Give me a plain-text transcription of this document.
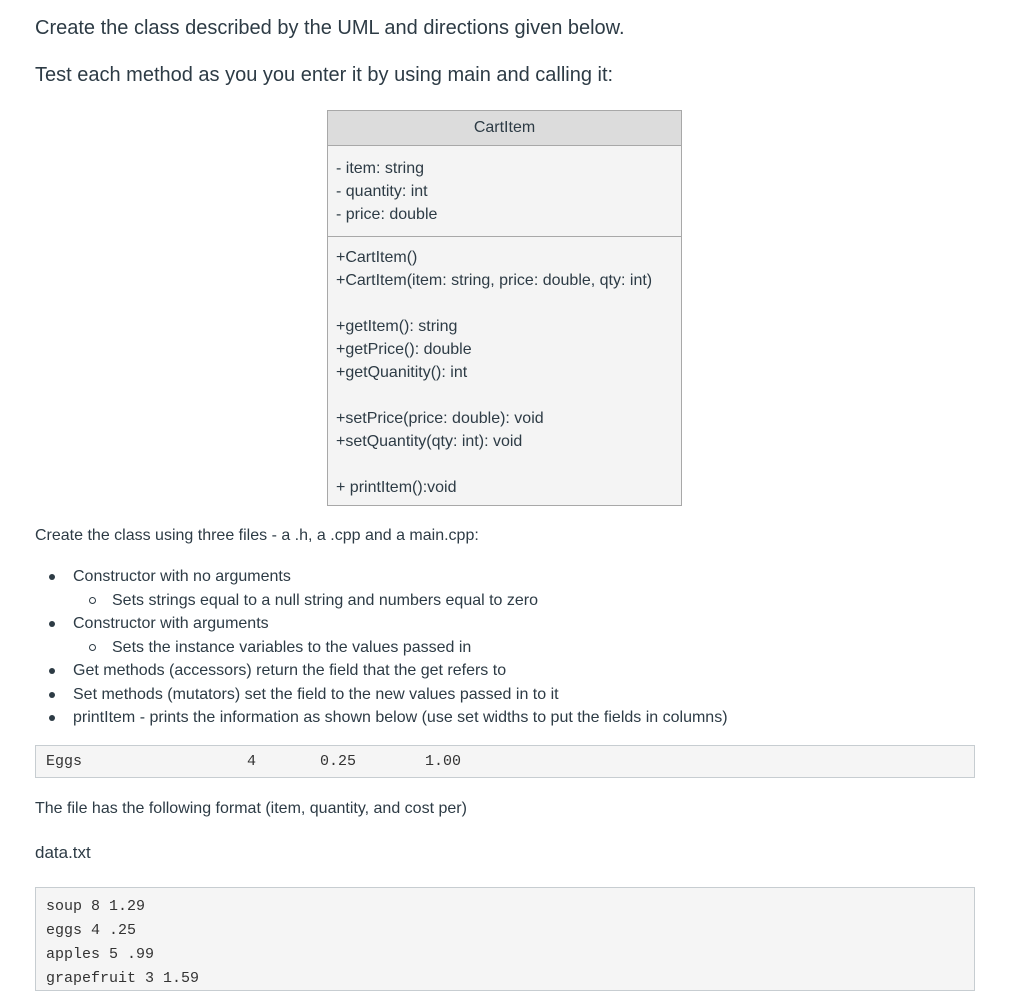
Create the class described by the UML and directions given below.
Test each method as you you enter it by using main and calling it:
CartItem
- item: string
- quantity: int
- price: double
+CartItem()
+CartItem(item: string, price: double, qty: int)
+getItem(): string
+getPrice(): double
+getQuanitity(): int
+setPrice(price: double): void
+setQuantity(qty: int): void
+ printItem():void

Create the class using three files - a .h, a .cpp and a main.cpp:

Constructor with no arguments
Sets strings equal to a null string and numbers equal to zero
Constructor with arguments
Sets the instance variables to the values passed in
Get methods (accessors) return the field that the get refers to
Set methods (mutators) set the field to the new values passed in to it
printItem - prints the information as shown below (use set widths to put the fields in columns)
Eggs	4	0.25	1.00

The file has the following format (item, quantity, and cost per)

data.txt
soup 8 1.29
eggs 4 .25
apples 5 .99
grapefruit 3 1.59
